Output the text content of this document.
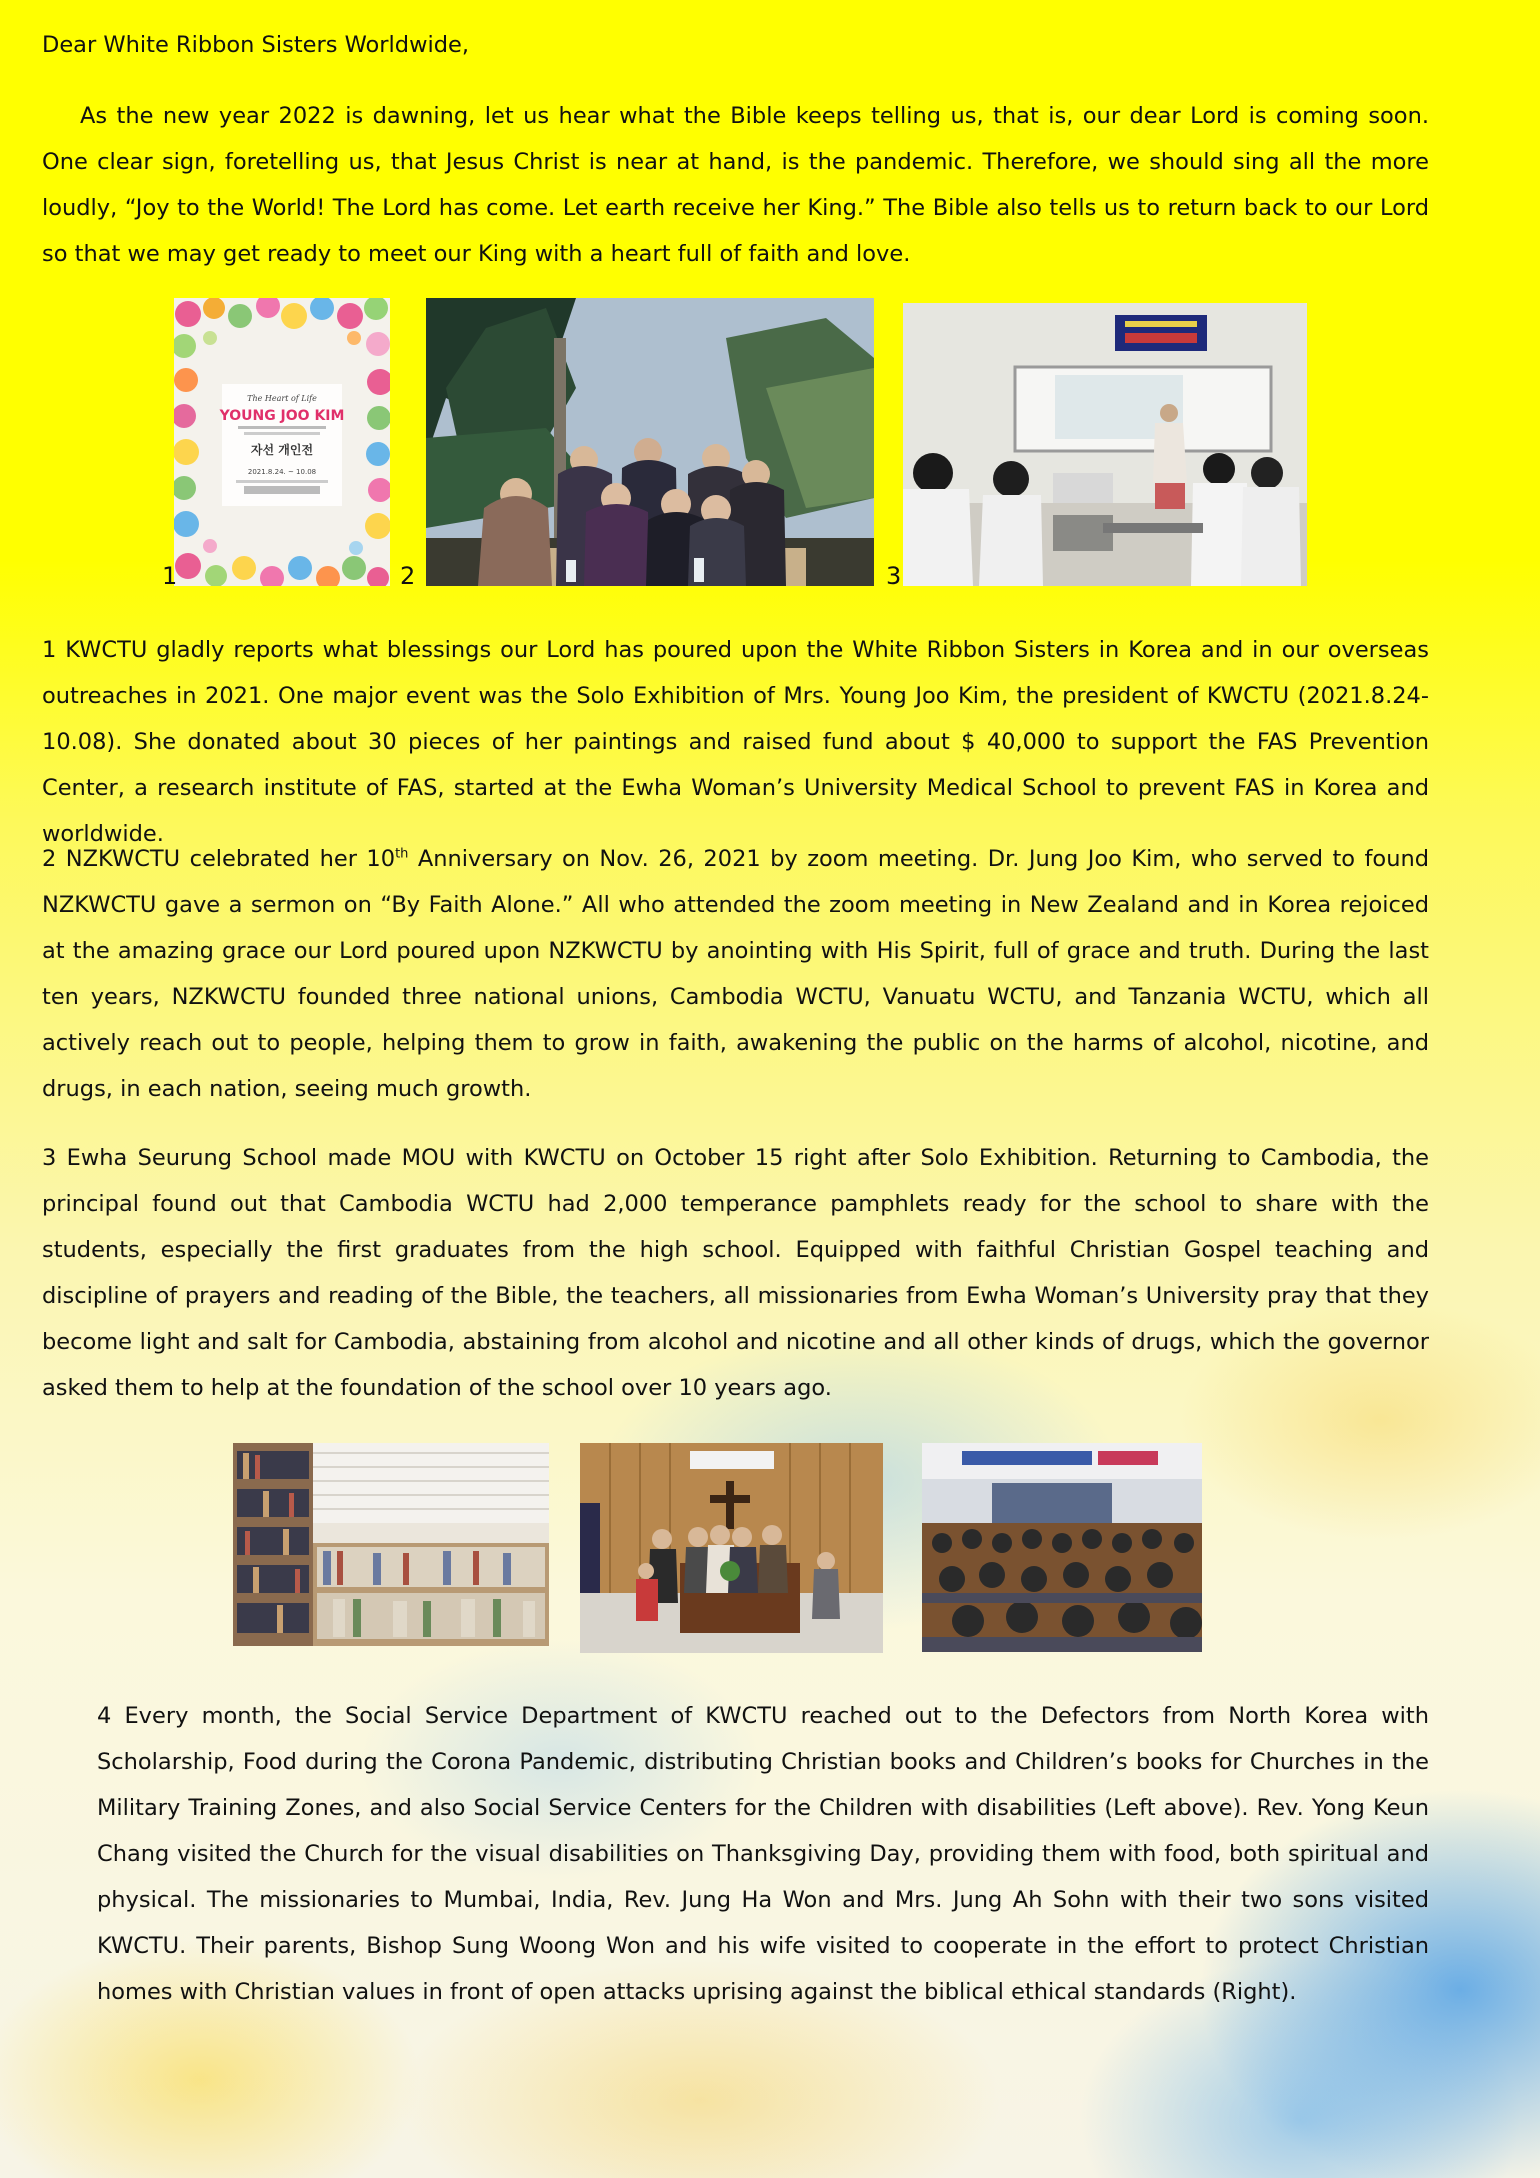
Dear White Ribbon Sisters Worldwide,

As the new year 2022 is dawning, let us hear what the Bible keeps telling us, that is, our dear Lord is coming soon. One clear sign, foretelling us, that Jesus Christ is near at hand, is the pandemic. Therefore, we should sing all the more loudly, “Joy to the World! The Lord has come. Let earth receive her King.” The Bible also tells us to return back to our Lord so that we may get ready to meet our King with a heart full of faith and love.

The Heart of Life
YOUNG JOO KIM
자선 개인전
2021.8.24. ~ 10.08
1	2	3

1 KWCTU gladly reports what blessings our Lord has poured upon the White Ribbon Sisters in Korea and in our overseas outreaches in 2021. One major event was the Solo Exhibition of Mrs. Young Joo Kim, the president of KWCTU (2021.8.24-10.08). She donated about 30 pieces of her paintings and raised fund about $ 40,000 to support the FAS Prevention Center, a research institute of FAS, started at the Ewha Woman’s University Medical School to prevent FAS in Korea and worldwide.

2 NZKWCTU celebrated her 10th Anniversary on Nov. 26, 2021 by zoom meeting. Dr. Jung Joo Kim, who served to found NZKWCTU gave a sermon on “By Faith Alone.” All who attended the zoom meeting in New Zealand and in Korea rejoiced at the amazing grace our Lord poured upon NZKWCTU by anointing with His Spirit, full of grace and truth. During the last ten years, NZKWCTU founded three national unions, Cambodia WCTU, Vanuatu WCTU, and Tanzania WCTU, which all actively reach out to people, helping them to grow in faith, awakening the public on the harms of alcohol, nicotine, and drugs, in each nation, seeing much growth.

3 Ewha Seurung School made MOU with KWCTU on October 15 right after Solo Exhibition. Returning to Cambodia, the principal found out that Cambodia WCTU had 2,000 temperance pamphlets ready for the school to share with the students, especially the first graduates from the high school. Equipped with faithful Christian Gospel teaching and discipline of prayers and reading of the Bible, the teachers, all missionaries from Ewha Woman’s University pray that they become light and salt for Cambodia, abstaining from alcohol and nicotine and all other kinds of drugs, which the governor asked them to help at the foundation of the school over 10 years ago.

4 Every month, the Social Service Department of KWCTU reached out to the Defectors from North Korea with Scholarship, Food during the Corona Pandemic, distributing Christian books and Children’s books for Churches in the Military Training Zones, and also Social Service Centers for the Children with disabilities (Left above). Rev. Yong Keun Chang visited the Church for the visual disabilities on Thanksgiving Day, providing them with food, both spiritual and physical. The missionaries to Mumbai, India, Rev. Jung Ha Won and Mrs. Jung Ah Sohn with their two sons visited KWCTU. Their parents, Bishop Sung Woong Won and his wife visited to cooperate in the effort to protect Christian homes with Christian values in front of open attacks uprising against the biblical ethical standards (Right).
